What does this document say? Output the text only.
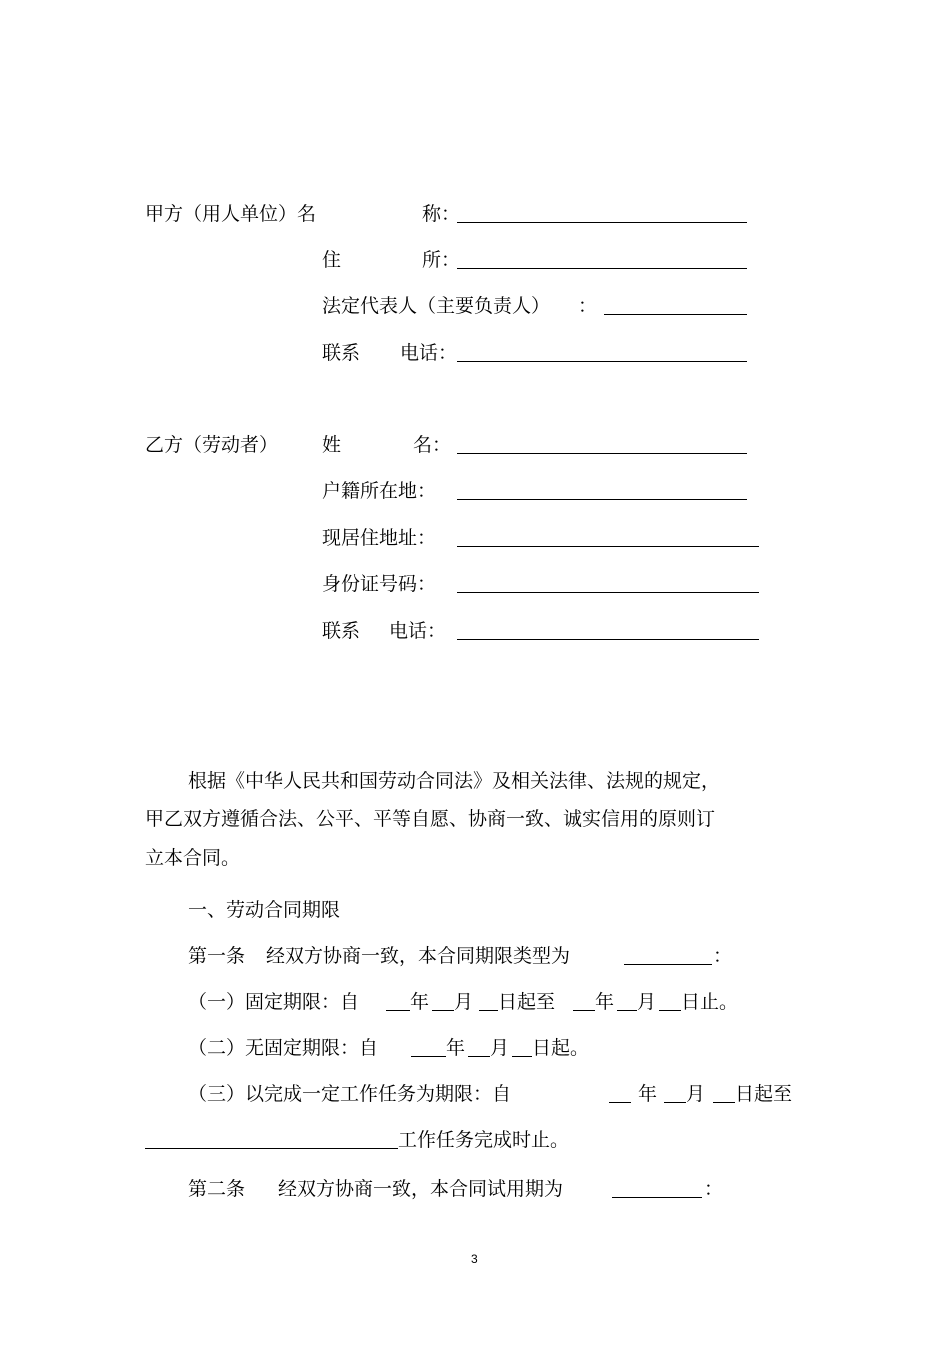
甲方（用人单位）名	称：
住	所：
法定代表人（主要负责人） ：
联系 电话：
乙方（劳动者） 姓	名：
户籍所在地：
现居住地址：
身份证号码：
联系 电话：
根据《中华人民共和国劳动合同法》及相关法律、法规的规定，
甲乙双方遵循合法、公平、平等自愿、协商一致、诚实信用的原则订
立本合同。
一、劳动合同期限
第一条 经双方协商一致，本合同期限类型为	：
（一）固定期限：自	年 月 日起至 年 月 日止。
（二）无固定期限：自	年 月 日起。
（三）以完成一定工作任务为期限：自	年 月 日起至
工作任务完成时止。
第二条 经双方协商一致，本合同试用期为	：
3
